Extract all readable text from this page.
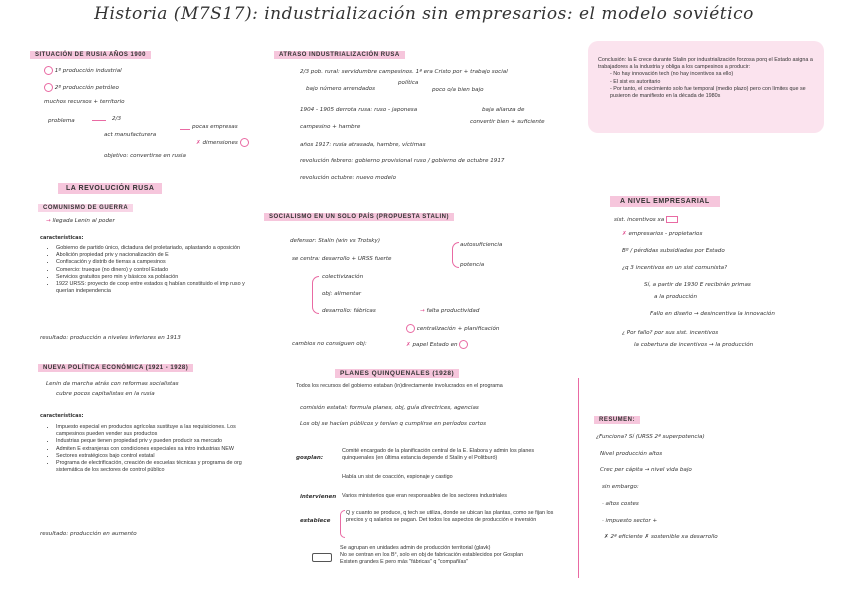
Historia (M7S17): industrialización sin empresarios: el modelo soviético
SITUACIÓN DE RUSIA AÑOS 1900
1º producción industrial
2º producción petróleo
muchos recursos + territorio
problema	2/3
act manufacturera
pocas empresas
✗ dimensiones
objetivo: convertirse en rusia
LA REVOLUCIÓN RUSA
COMUNISMO DE GUERRA
→ llegada Lenin al poder
características:
• Gobierno de partido único, dictadura del proletariado, aplastando a oposición
• Abolición propiedad priv y nacionalización de E
• Confiscación y distrib de tierras a campesinos
• Comercio: trueque (no dinero) y control Estado
• Servicios gratuitos pero min y básicos xa población
• 1922 URSS: proyecto de coop entre estados q habían constituido el imp ruso y querían independencia
resultado: producción a niveles inferiores en 1913
NUEVA POLÍTICA ECONÓMICA (1921 - 1928)
Lenin da marcha atrás con reformas socialistas
cubre pocos capitalistas en la rusia
características:
• Impuesto especial en productos agrícolas sustituye a las requisiciones. Los campesinos pueden vender sus productos
• Industrias peque tienen propiedad priv y pueden producir xa mercado
• Admiten E extranjeras con condiciones especiales xa intro industrias NEW
• Sectores estratégicos bajo control estatal
• Programa de electrificación, creación de escuelas técnicas y programa de org sistemática de los sectores de control público
resultado: producción en aumento
ATRASO INDUSTRIALIZACIÓN RUSA
2/3 pob. rural: servidumbre campesinos. 1ª era Cristo por + trabajo social
bajo número arrendados
política
poco o/a bien bajo
1904 - 1905 derrota rusa: ruso - japonesa	baja alianza de
convertir bien + suficiente
campesino + hambre
años 1917: rusia atrasada, hambre, víctimas
revolución febrero: gobierno provisional ruso / gobierno de octubre 1917
revolución octubre: nuevo modelo
SOCIALISMO EN UN SOLO PAÍS (PROPUESTA STALIN)
defensor: Stalin (win vs Trotsky)
autosuficiencia
se centra: desarrollo + URSS fuerte
potencia
colectivización
obj: alimentar
desarrollo: fábricas	→ falta productividad
centralización + planificación
cambios no consiguen obj:	✗ papel Estado en
PLANES QUINQUENALES (1928)
Todos los recursos del gobierno estaban (in)directamente involucrados en el programa
comisión estatal: formula planes, obj, guía directrices, agencias
Los obj se hacían públicos y tenían q cumplirse en períodos cortos
gosplan:
Comité encargado de la planificación central de la E. Elabora y admin los planes quinquenales (en última estancia depende d Stalin y el Politburó)
Había un sist de coacción, espionaje y castigo
intervienen Varios ministerios que eran responsables de los sectores industriales
establece
Q y cuanto se produce, q tech se utiliza, donde se ubican las plantas, como se fijan los precios y q salarios se pagan. Det todos los aspectos de producción e inversión
Se agrupan en unidades admin de producción territorial (glavk)
No se centran en los B°, solo en obj de fabricación establecidos por Gosplan
Existen grandes E pero más "fábricas" q "compañías"
Conclusión: la E crece durante Stalin por industrialización forzosa porq el Estado asigna a trabajadores a la industria y obliga a los campesinos a producir:
- No hay innovación tech (no hay incentivos xa ello)
- El sist es autoritario
- Por tanto, el crecimiento solo fue temporal (medio plazo) pero con límites que se pusieron de manifiesto en la década de 1980s
A NIVEL EMPRESARIAL
sist. incentivos xa
✗ empresarios - propietarios
Bº / pérdidas subsidiadas por Estado
¿q 3 incentivos en un sist comunista?
Sí, a partir de 1930 E recibirán primas
a la producción
Fallo en diseño → desincentiva la innovación
¿ Por fallo? por sus sist. incentivos
la cobertura de incentivos → la producción
RESUMEN:
¿Funciona? Sí (URSS 2ª superpotencia)
Nivel producción altos
Crec per cápita → nivel vida bajo
sin embargo:
· altos costes
· impuesto sector +
✗ 2ª eficiente ✗ sostenible xa desarrollo
